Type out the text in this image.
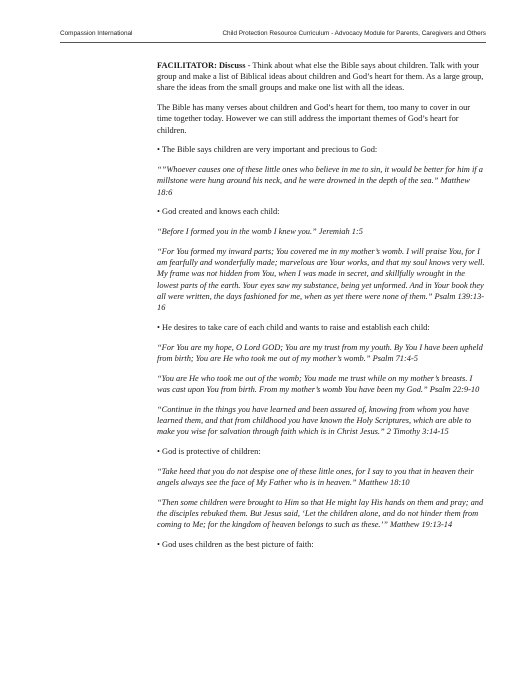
Compassion International	Child Protection Resource Curriculum - Advocacy Module for Parents, Caregivers and Others

FACILITATOR: Discuss - Think about what else the Bible says about children. Talk with your group and make a list of Biblical ideas about children and God’s heart for them. As a large group, share the ideas from the small groups and make one list with all the ideas.

The Bible has many verses about children and God’s heart for them, too many to cover in our time together today. However we can still address the important themes of God’s heart for children.

• The Bible says children are very important and precious to God:

“”Whoever causes one of these little ones who believe in me to sin, it would be better for him if a millstone were hung around his neck, and he were drowned in the depth of the sea.” Matthew 18:6

• God created and knows each child:

“Before I formed you in the womb I knew you.” Jeremiah 1:5

“For You formed my inward parts; You covered me in my mother’s womb. I will praise You, for I am fearfully and wonderfully made; marvelous are Your works, and that my soul knows very well. My frame was not hidden from You, when I was made in secret, and skillfully wrought in the lowest parts of the earth. Your eyes saw my substance, being yet unformed. And in Your book they all were written, the days fashioned for me, when as yet there were none of them.” Psalm 139:13-16

• He desires to take care of each child and wants to raise and establish each child:

“For You are my hope, O Lord GOD; You are my trust from my youth. By You I have been upheld from birth; You are He who took me out of my mother’s womb.” Psalm 71:4-5

“You are He who took me out of the womb; You made me trust while on my mother’s breasts. I was cast upon You from birth. From my mother’s womb You have been my God.” Psalm 22:9-10

“Continue in the things you have learned and been assured of, knowing from whom you have learned them, and that from childhood you have known the Holy Scriptures, which are able to make you wise for salvation through faith which is in Christ Jesus.” 2 Timothy 3:14-15

• God is protective of children:

“Take heed that you do not despise one of these little ones, for I say to you that in heaven their angels always see the face of My Father who is in heaven.” Matthew 18:10

“Then some children were brought to Him so that He might lay His hands on them and pray; and the disciples rebuked them. But Jesus said, ‘Let the children alone, and do not hinder them from coming to Me; for the kingdom of heaven belongs to such as these.’” Matthew 19:13-14

• God uses children as the best picture of faith:
